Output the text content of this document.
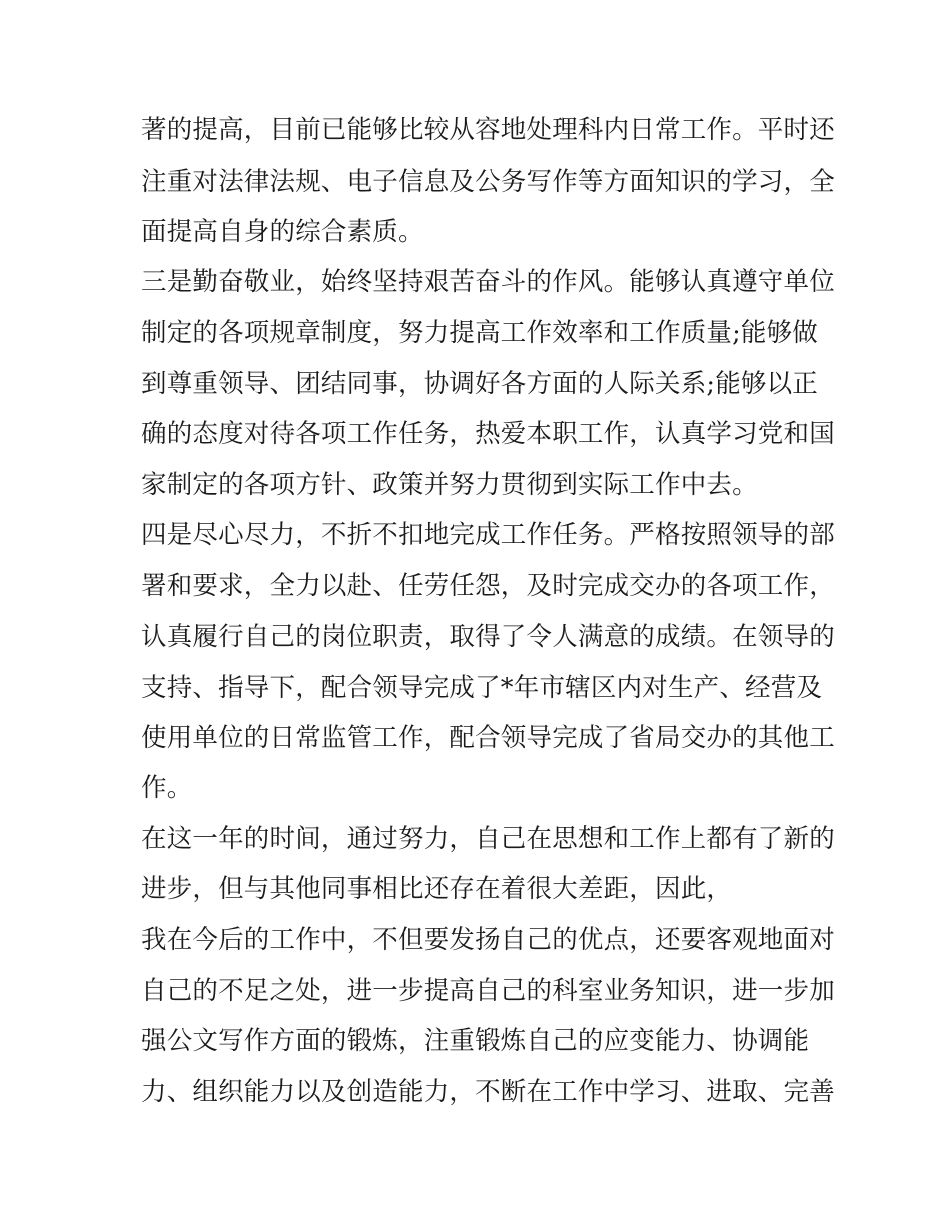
著的提高，目前已能够比较从容地处理科内日常工作。平时还
注重对法律法规、电子信息及公务写作等方面知识的学习，全
面提高自身的综合素质。
三是勤奋敬业，始终坚持艰苦奋斗的作风。能够认真遵守单位
制定的各项规章制度，努力提高工作效率和工作质量;能够做
到尊重领导、团结同事，协调好各方面的人际关系;能够以正
确的态度对待各项工作任务，热爱本职工作，认真学习党和国
家制定的各项方针、政策并努力贯彻到实际工作中去。
四是尽心尽力，不折不扣地完成工作任务。严格按照领导的部
署和要求，全力以赴、任劳任怨，及时完成交办的各项工作，
认真履行自己的岗位职责，取得了令人满意的成绩。在领导的
支持、指导下，配合领导完成了*年市辖区内对生产、经营及
使用单位的日常监管工作，配合领导完成了省局交办的其他工
作。
在这一年的时间，通过努力，自己在思想和工作上都有了新的
进步，但与其他同事相比还存在着很大差距，因此，
我在今后的工作中，不但要发扬自己的优点，还要客观地面对
自己的不足之处，进一步提高自己的科室业务知识，进一步加
强公文写作方面的锻炼，注重锻炼自己的应变能力、协调能
力、组织能力以及创造能力，不断在工作中学习、进取、完善
